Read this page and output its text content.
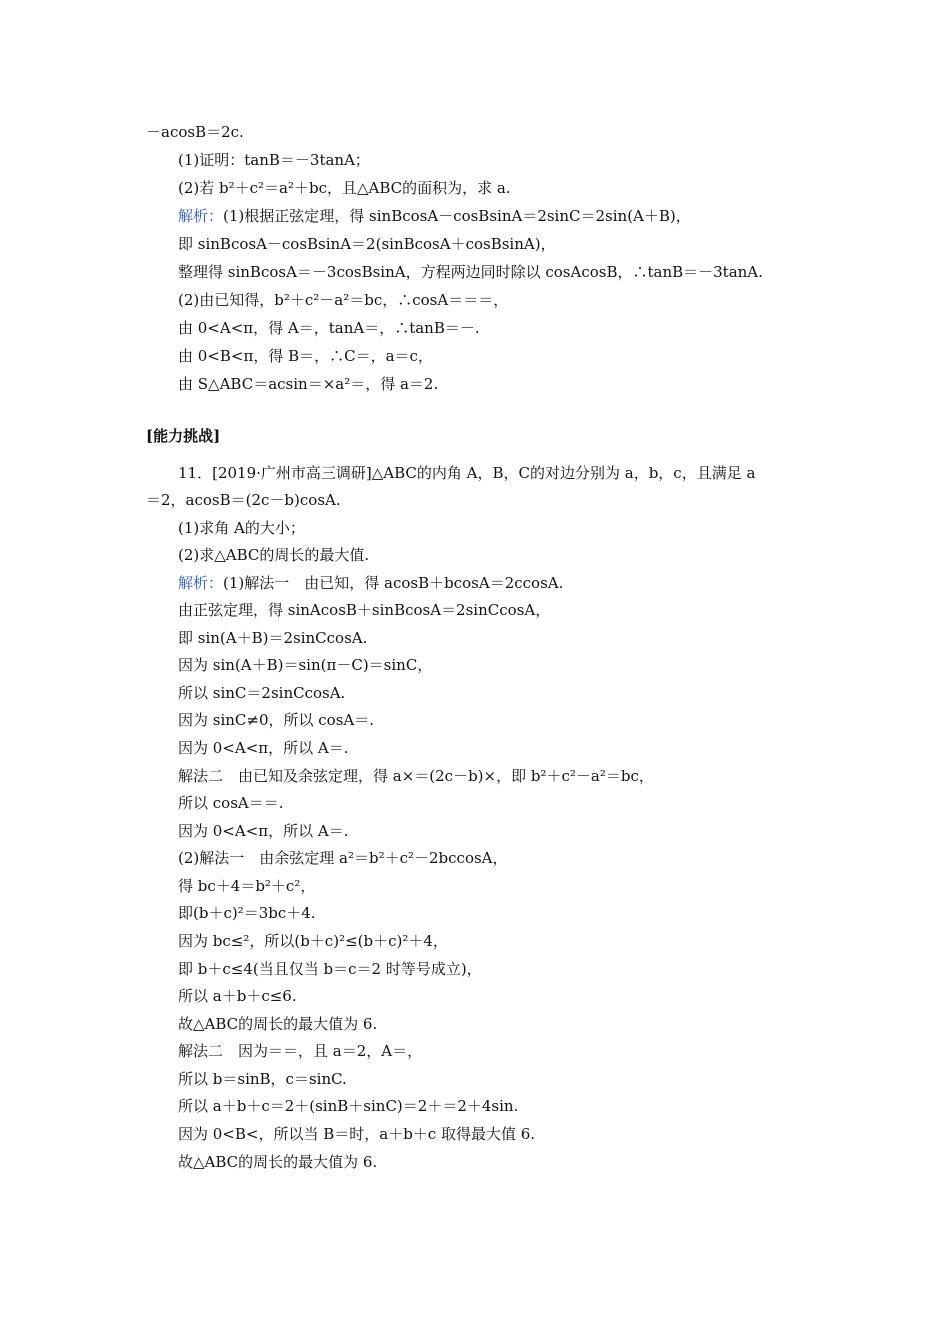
－acosB＝2c.
(1)证明：tanB＝－3tanA；
(2)若 b²＋c²＝a²＋bc，且△ABC的面积为，求 a.
解析：(1)根据正弦定理，得 sinBcosA－cosBsinA＝2sinC＝2sin(A＋B)，
即 sinBcosA－cosBsinA＝2(sinBcosA＋cosBsinA)，
整理得 sinBcosA＝－3cosBsinA，方程两边同时除以 cosAcosB，∴tanB＝－3tanA.
(2)由已知得，b²＋c²－a²＝bc，∴cosA＝＝＝，
由 0<A<π，得 A＝，tanA＝，∴tanB＝－.
由 0<B<π，得 B＝，∴C＝，a＝c，
由 S△ABC＝acsin＝×a²＝，得 a＝2.
[能力挑战]
11．[2019·广州市高三调研]△ABC的内角 A，B，C的对边分别为 a，b，c，且满足 a
＝2，acosB＝(2c－b)cosA.
(1)求角 A的大小；
(2)求△ABC的周长的最大值.
解析：(1)解法一　由已知，得 acosB＋bcosA＝2ccosA.
由正弦定理，得 sinAcosB＋sinBcosA＝2sinCcosA，
即 sin(A＋B)＝2sinCcosA.
因为 sin(A＋B)＝sin(π－C)＝sinC，
所以 sinC＝2sinCcosA.
因为 sinC≠0，所以 cosA＝.
因为 0<A<π，所以 A＝.
解法二　由已知及余弦定理，得 a×＝(2c－b)×，即 b²＋c²－a²＝bc，
所以 cosA＝＝.
因为 0<A<π，所以 A＝.
(2)解法一　由余弦定理 a²＝b²＋c²－2bccosA，
得 bc＋4＝b²＋c²，
即(b＋c)²＝3bc＋4.
因为 bc≤²，所以(b＋c)²≤(b＋c)²＋4，
即 b＋c≤4(当且仅当 b＝c＝2 时等号成立)，
所以 a＋b＋c≤6.
故△ABC的周长的最大值为 6.
解法二　因为＝＝，且 a＝2，A＝，
所以 b＝sinB，c＝sinC.
所以 a＋b＋c＝2＋(sinB＋sinC)＝2＋＝2＋4sin.
因为 0<B<，所以当 B＝时，a＋b＋c 取得最大值 6.
故△ABC的周长的最大值为 6.
